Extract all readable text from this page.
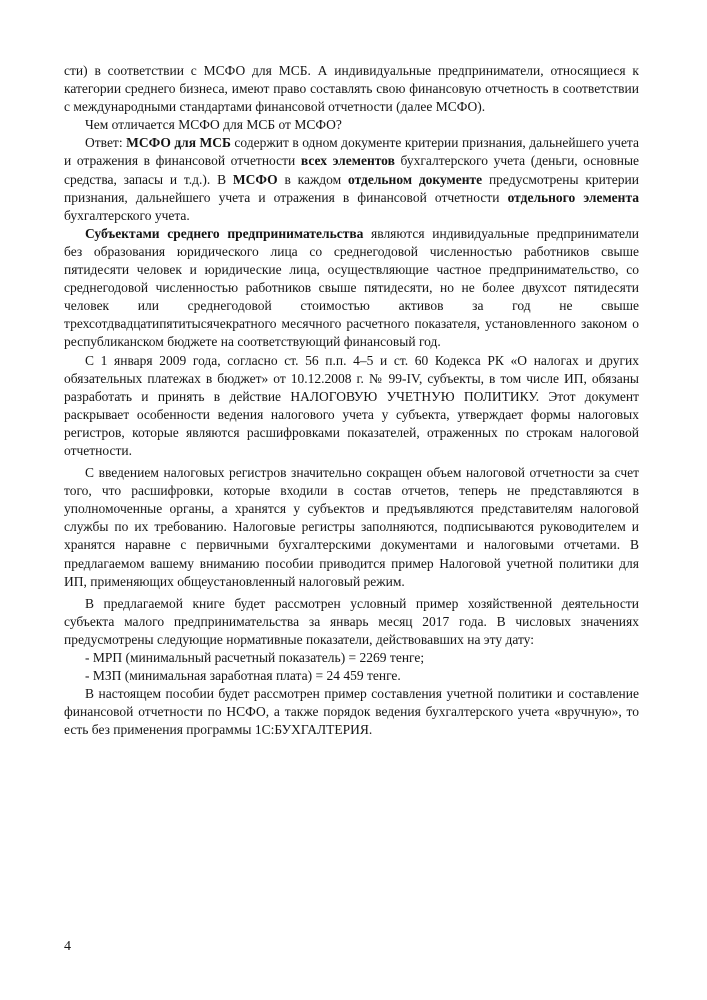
сти) в соответствии с МСФО для МСБ. А индивидуальные предприниматели, относящиеся к категории среднего бизнеса, имеют право составлять свою финансовую отчетность в соответствии с международными стандартами финансовой отчетности (далее МСФО).

Чем отличается МСФО для МСБ от МСФО?

Ответ: МСФО для МСБ содержит в одном документе критерии признания, дальнейшего учета и отражения в финансовой отчетности всех элементов бухгалтерского учета (деньги, основные средства, запасы и т.д.). В МСФО в каждом отдельном документе предусмотрены критерии признания, дальнейшего учета и отражения в финансовой отчетности отдельного элемента бухгалтерского учета.

Субъектами среднего предпринимательства являются индивидуальные предприниматели без образования юридического лица со среднегодовой численностью работников свыше пятидесяти человек и юридические лица, осуществляющие частное предпринимательство, со среднегодовой численностью работников свыше пятидесяти, но не более двухсот пятидесяти человек или среднегодовой стоимостью активов за год не свыше трехсотдвадцатипятитысячекратного месячного расчетного показателя, установленного законом о республиканском бюджете на соответствующий финансовый год.

С 1 января 2009 года, согласно ст. 56 п.п. 4–5 и ст. 60 Кодекса РК «О налогах и других обязательных платежах в бюджет» от 10.12.2008 г. № 99-IV, субъекты, в том числе ИП, обязаны разработать и принять в действие НАЛОГОВУЮ УЧЕТНУЮ ПОЛИТИКУ. Этот документ раскрывает особенности ведения налогового учета у субъекта, утверждает формы налоговых регистров, которые являются расшифровками показателей, отраженных по строкам налоговой отчетности.

С введением налоговых регистров значительно сокращен объем налоговой отчетности за счет того, что расшифровки, которые входили в состав отчетов, теперь не представляются в уполномоченные органы, а хранятся у субъектов и предъявляются представителям налоговой службы по их требованию. Налоговые регистры заполняются, подписываются руководителем и хранятся наравне с первичными бухгалтерскими документами и налоговыми отчетами. В предлагаемом вашему вниманию пособии приводится пример Налоговой учетной политики для ИП, применяющих общеустановленный налоговый режим.

В предлагаемой книге будет рассмотрен условный пример хозяйственной деятельности субъекта малого предпринимательства за январь месяц 2017 года. В числовых значениях предусмотрены следующие нормативные показатели, действовавших на эту дату:

- МРП (минимальный расчетный показатель) = 2269 тенге;

- МЗП (минимальная заработная плата) = 24 459 тенге.

В настоящем пособии будет рассмотрен пример составления учетной политики и составление финансовой отчетности по НСФО, а также порядок ведения бухгалтерского учета «вручную», то есть без применения программы 1С:БУХГАЛТЕРИЯ.

4
